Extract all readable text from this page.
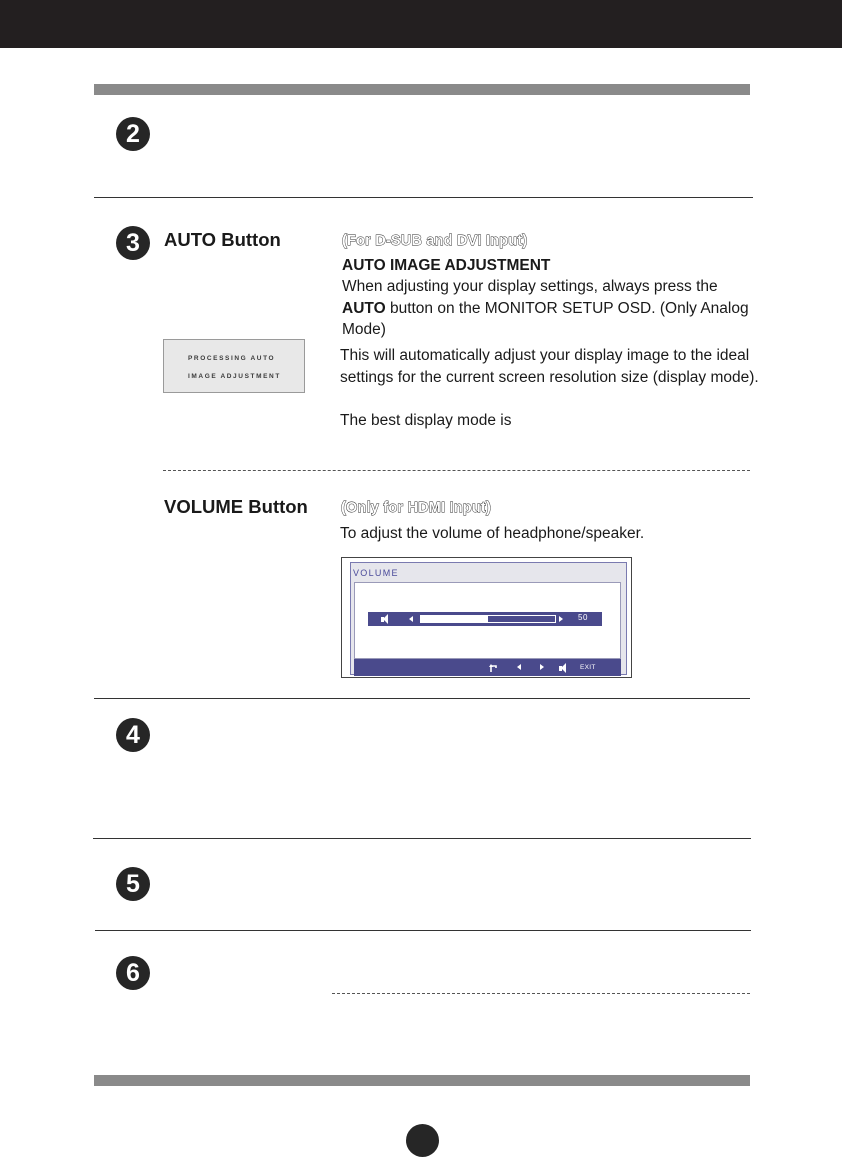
2
3	AUTO Button	(For D-SUB and DVI Input)
AUTO IMAGE ADJUSTMENT
When adjusting your display settings, always press the AUTO button on the MONITOR SETUP OSD. (Only Analog Mode)
PROCESSING AUTO
IMAGE ADJUSTMENT
This will automatically adjust your display image to the ideal settings for the current screen resolution size (display mode).
The best display mode is
VOLUME Button (Only for HDMI Input)
To adjust the volume of headphone/speaker.
VOLUME
50
EXIT
4
5
6
